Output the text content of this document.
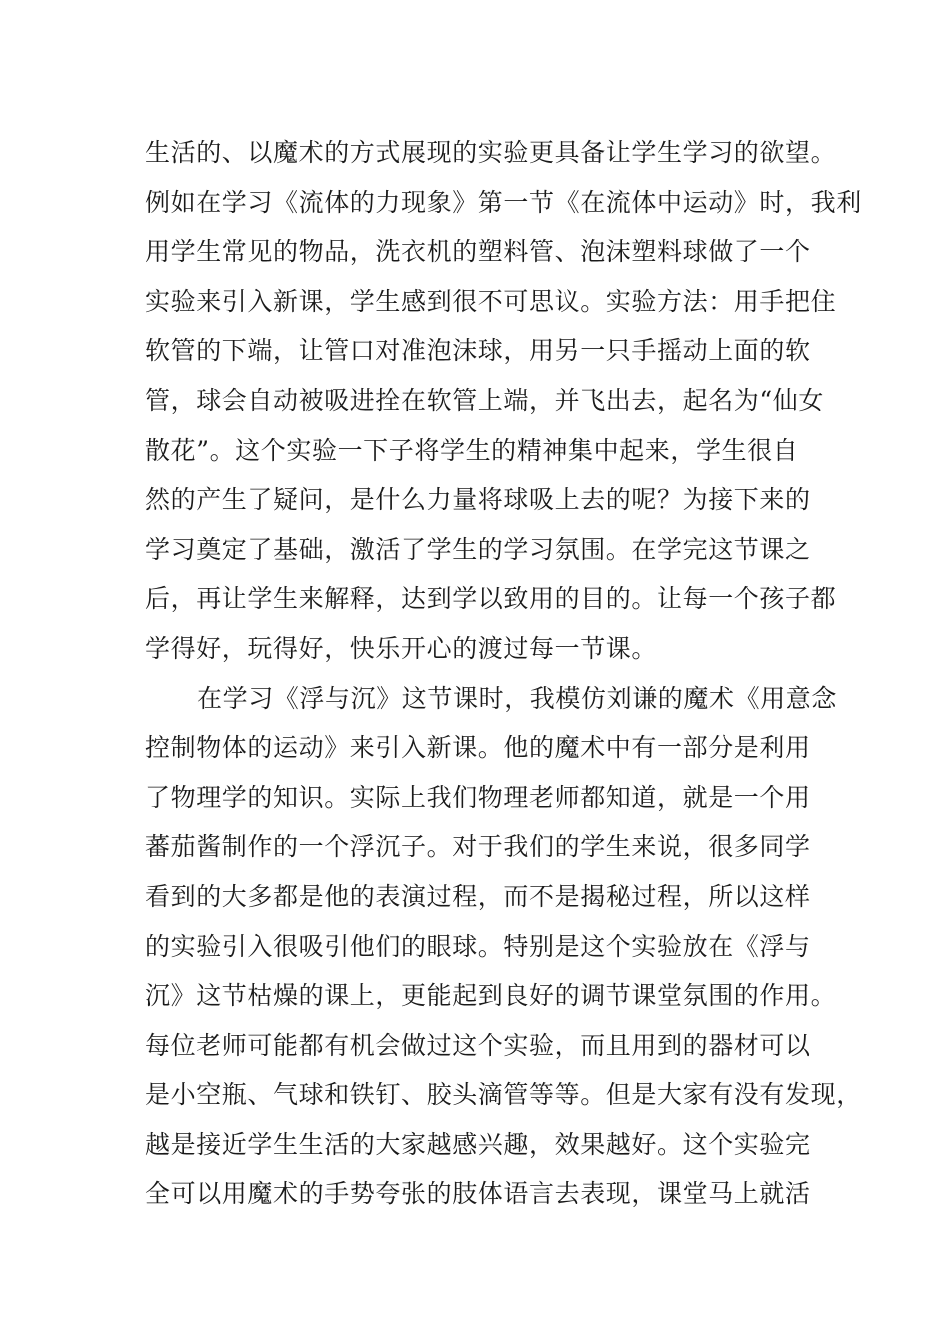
生活的、以魔术的方式展现的实验更具备让学生学习的欲望。
例如在学习《流体的力现象》第一节《在流体中运动》时，我利
用学生常见的物品，洗衣机的塑料管、泡沫塑料球做了一个
实验来引入新课，学生感到很不可思议。实验方法：用手把住
软管的下端，让管口对准泡沫球，用另一只手摇动上面的软
管，球会自动被吸进拴在软管上端，并飞出去，起名为“仙女
散花”。这个实验一下子将学生的精神集中起来，学生很自
然的产生了疑问，是什么力量将球吸上去的呢？为接下来的
学习奠定了基础，激活了学生的学习氛围。在学完这节课之
后，再让学生来解释，达到学以致用的目的。让每一个孩子都
学得好，玩得好，快乐开心的渡过每一节课。
在学习《浮与沉》这节课时，我模仿刘谦的魔术《用意念
控制物体的运动》来引入新课。他的魔术中有一部分是利用
了物理学的知识。实际上我们物理老师都知道，就是一个用
蕃茄酱制作的一个浮沉子。对于我们的学生来说，很多同学
看到的大多都是他的表演过程，而不是揭秘过程，所以这样
的实验引入很吸引他们的眼球。特别是这个实验放在《浮与
沉》这节枯燥的课上，更能起到良好的调节课堂氛围的作用。
每位老师可能都有机会做过这个实验，而且用到的器材可以
是小空瓶、气球和铁钉、胶头滴管等等。但是大家有没有发现，
越是接近学生生活的大家越感兴趣，效果越好。这个实验完
全可以用魔术的手势夸张的肢体语言去表现，课堂马上就活
